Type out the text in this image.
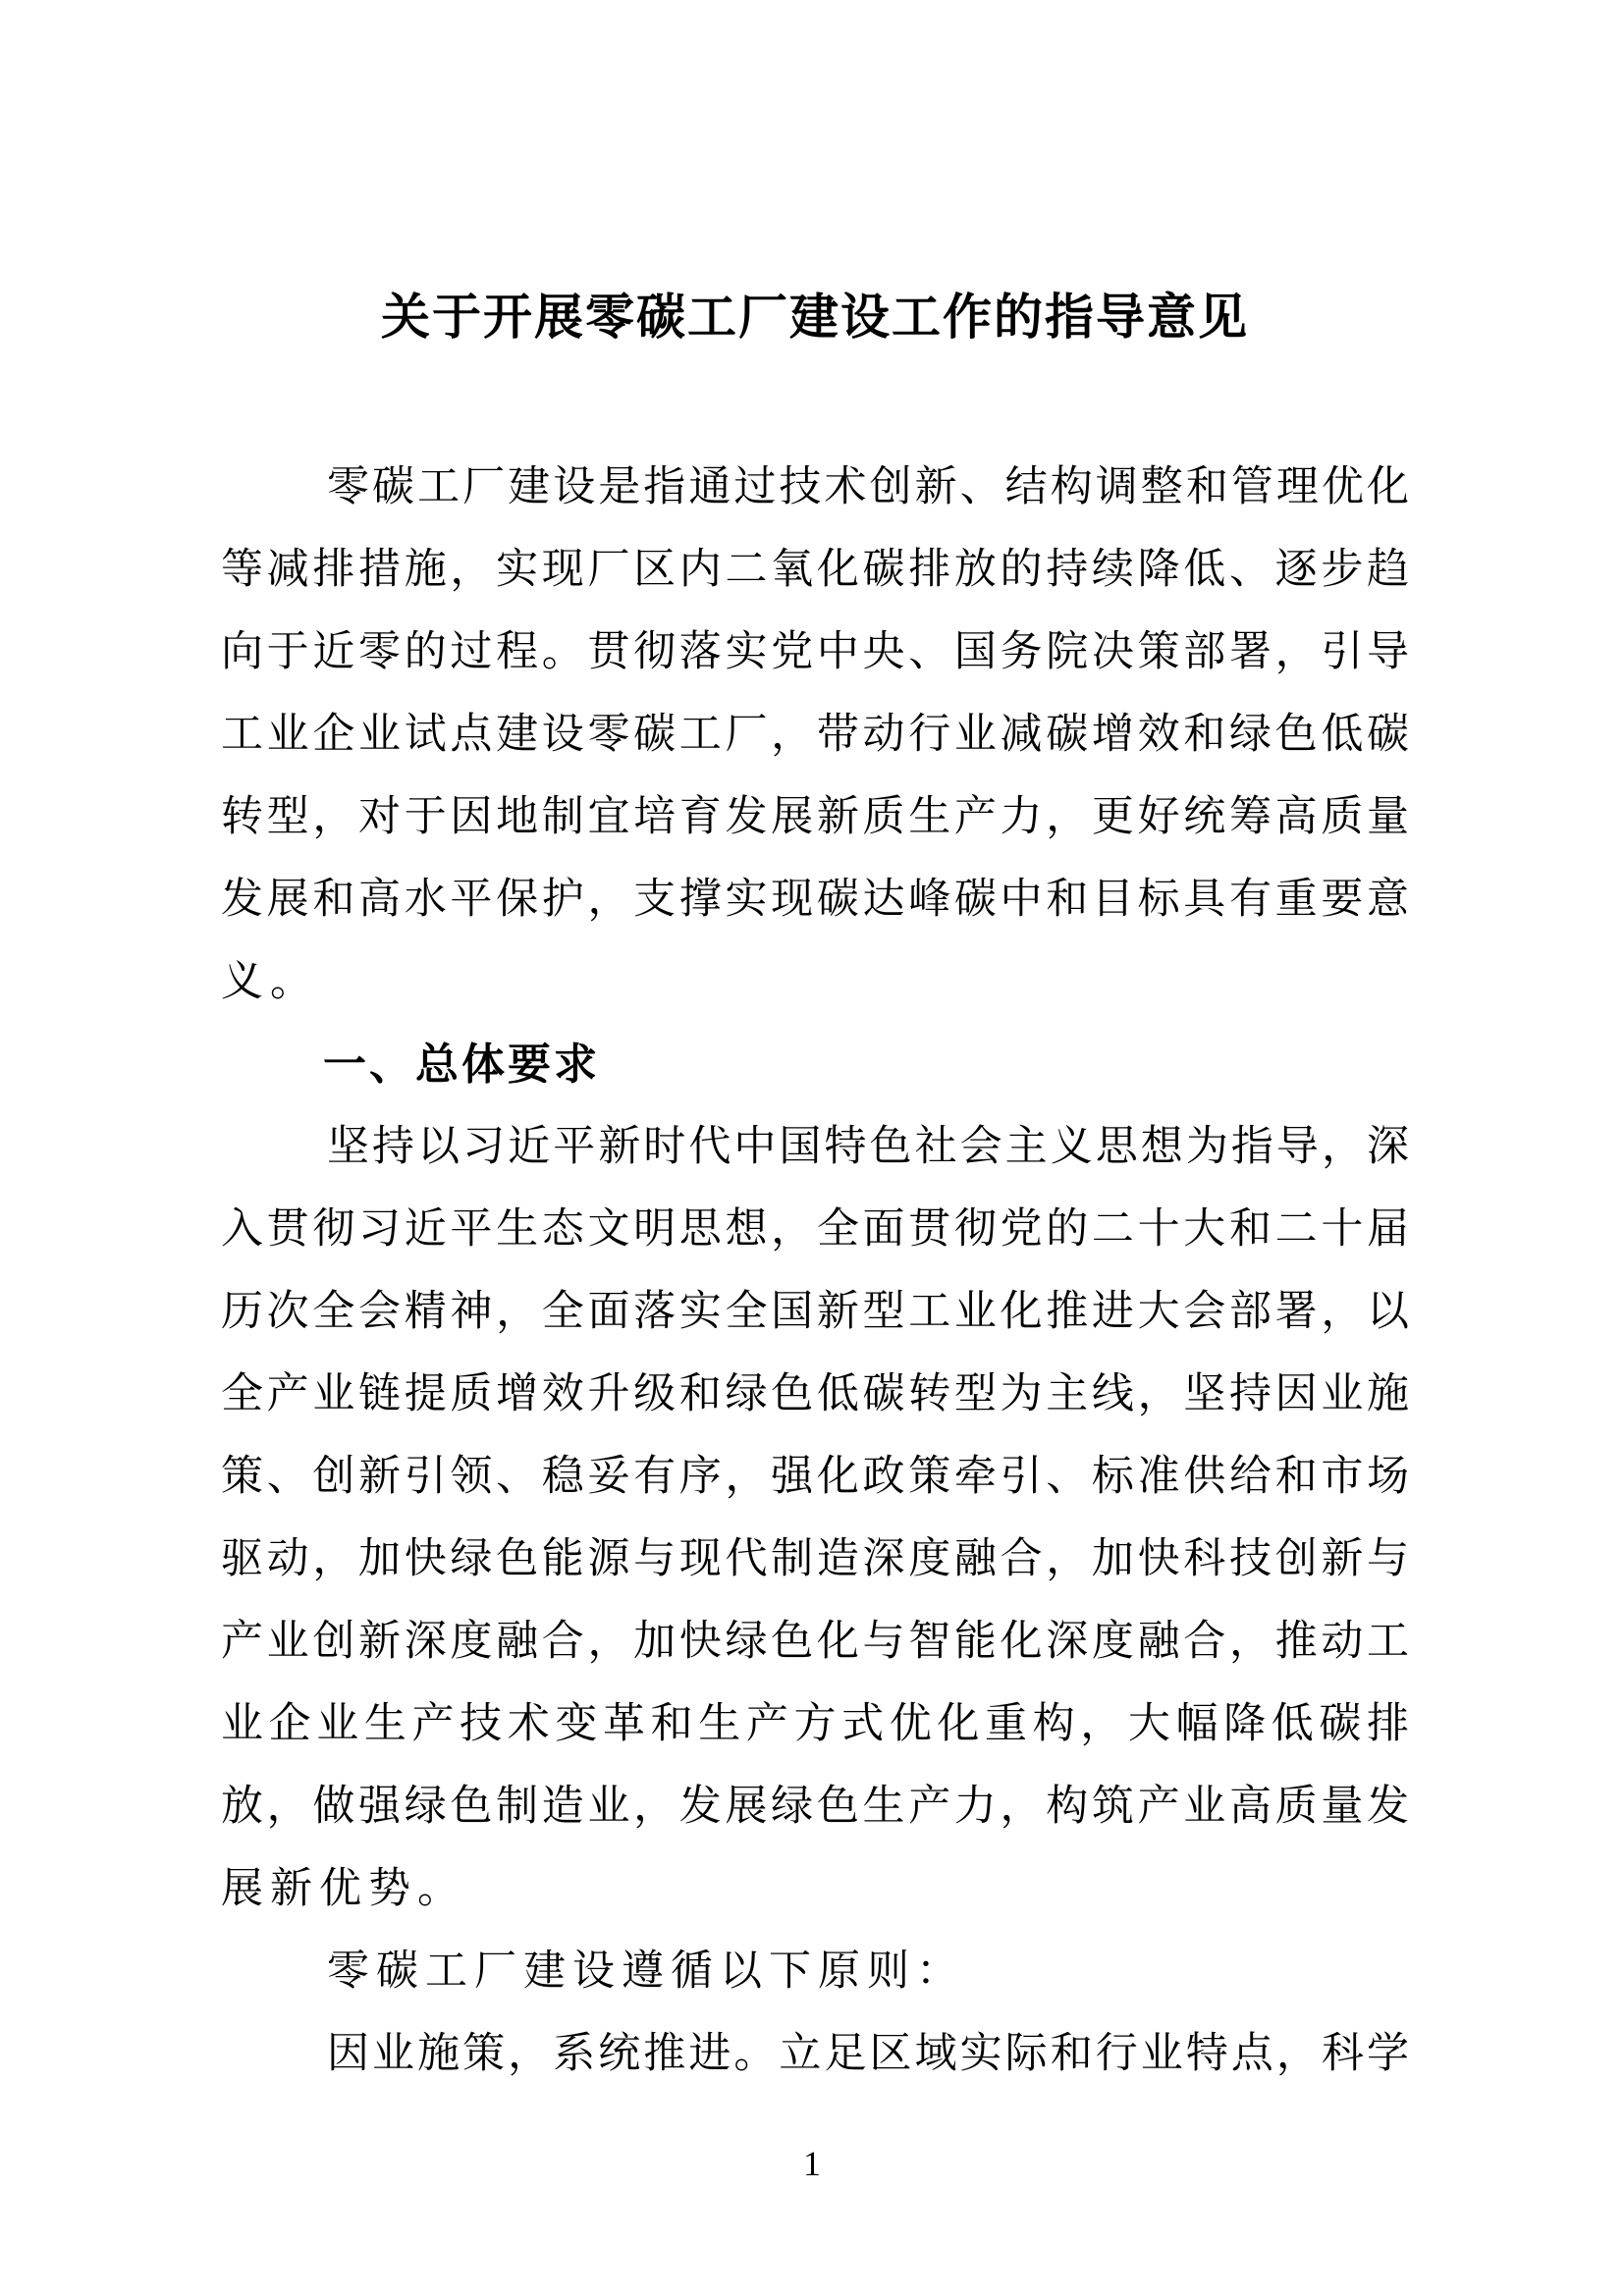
关于开展零碳工厂建设工作的指导意见
零碳工厂建设是指通过技术创新、结构调整和管理优化
等减排措施，实现厂区内二氧化碳排放的持续降低、逐步趋
向于近零的过程。贯彻落实党中央、国务院决策部署，引导
工业企业试点建设零碳工厂，带动行业减碳增效和绿色低碳
转型，对于因地制宜培育发展新质生产力，更好统筹高质量
发展和高水平保护，支撑实现碳达峰碳中和目标具有重要意
义。
一、总体要求
坚持以习近平新时代中国特色社会主义思想为指导，深
入贯彻习近平生态文明思想，全面贯彻党的二十大和二十届
历次全会精神，全面落实全国新型工业化推进大会部署，以
全产业链提质增效升级和绿色低碳转型为主线，坚持因业施
策、创新引领、稳妥有序，强化政策牵引、标准供给和市场
驱动，加快绿色能源与现代制造深度融合，加快科技创新与
产业创新深度融合，加快绿色化与智能化深度融合，推动工
业企业生产技术变革和生产方式优化重构，大幅降低碳排
放，做强绿色制造业，发展绿色生产力，构筑产业高质量发
展新优势。
零碳工厂建设遵循以下原则：
因业施策，系统推进。立足区域实际和行业特点，科学
1
